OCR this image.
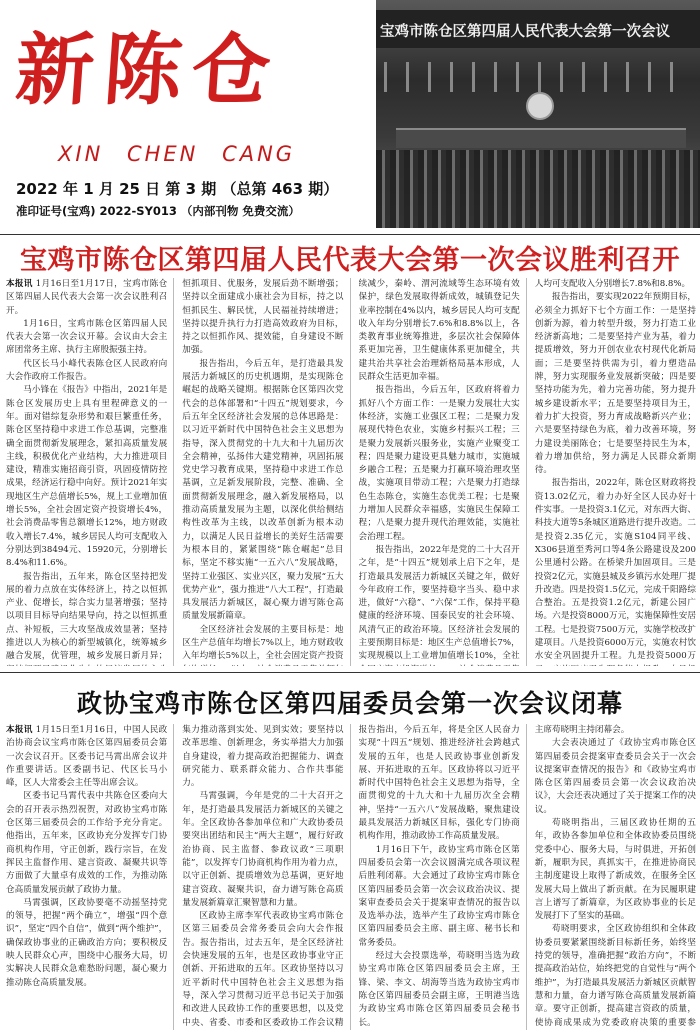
新陈仓
XIN CHEN CANG
2022 年 1 月 25 日 第 3 期 （总第 463 期）
准印证号(宝鸡) 2022-SY013 （内部刊物 免费交流）
宝鸡市陈仓区第四届人民代表大会第一次会议
宝鸡市陈仓区第四届人民代表大会第一次会议胜利召开

本报讯 1月16日至1月17日，宝鸡市陈仓区第四届人民代表大会第一次会议胜利召开。

1月16日，宝鸡市陈仓区第四届人民代表大会第一次会议开幕。会议由大会主席团常务主席、执行主席殷振强主持。

代区长马小峰代表陈仓区人民政府向大会作政府工作报告。

马小锋在《报告》中指出，2021年是陈仓区发展历史上具有里程碑意义的一年。面对错综复杂形势和艰巨繁重任务，陈仓区坚持稳中求进工作总基调，完整准确全面贯彻新发展理念，紧扣高质量发展主线，积极优化产业结构，大力推进项目建设，精准实施招商引资，巩固疫情防控成果，经济运行稳中向好。预计2021年实现地区生产总值增长5%，规上工业增加值增长5%，全社会固定资产投资增长4%，社会消费品零售总额增长12%，地方财政收入增长7.4%，城乡居民人均可支配收入分别达到38494元、15920元，分别增长8.4%和11.6%。

报告指出，五年来，陈仓区坚持把发展的着力点放在实体经济上，持之以恒抓产业、促增长，综合实力显著增强；坚持以项目目标导向结果导向，持之以恒抓重点、补短板，三大攻坚战成效显著；坚持推进以人为核心的新型城镇化，统筹城乡融合发展，优管理，城乡发展日新月异；

恒抓项目、优服务，发展后劲不断增强；坚持以全面建成小康社会为目标，持之以恒抓民生、解民忧，人民福祉持续增进；坚持以提升执行力打造高效政府为目标，持之以恒抓作风、提效能，自身建设不断加强。

报告指出，今后五年，是打造最具发展活力新城区的历史机遇期，是实现陈仓崛起的战略关键期。根据陈仓区第四次党代会的总体部署和“十四五”规划要求，今后五年全区经济社会发展的总体思路是：以习近平新时代中国特色社会主义思想为指导，深入贯彻党的十九大和十九届历次全会精神，弘扬伟大建党精神，巩固拓展党史学习教育成果，坚持稳中求进工作总基调，立足新发展阶段，完整、准确、全面贯彻新发展理念，融入新发展格局，以推动高质量发展为主题，以深化供给侧结构性改革为主线，以改革创新为根本动力，以满足人民日益增长的美好生活需要为根本目的，紧紧围绕“陈仓崛起”总目标，坚定不移实施“一五六八”发展战略，坚持工业强区、实业兴区，聚力发展“五大优势产业”，强力推进“八大工程”，打造最具发展活力新城区，凝心聚力谱写陈仓高质量发展新篇章。

全区经济社会发展的主要目标是：地区生产总值年均增长7%以上，地方财政收入年均增长5%以上，全社会固定资产投资

续减少，秦岭、渭河流域等生态环境有效保护，绿色发展取得新成效，城镇登记失业率控制在4%以内，城乡居民人均可支配收入年均分别增长7.6%和8.8%以上，各类教育事业统筹推进，多层次社会保障体系更加完善，卫生健康体系更加健全，共建共治共享社会治理新格局基本形成，人民群众生活更加幸福。

报告指出，今后五年，区政府将着力抓好八个方面工作：一是聚力发展壮大实体经济，实施工业强区工程；二是聚力发展现代特色农业，实施乡村振兴工程；三是聚力发展新兴服务业，实施产业聚变工程；四是聚力建设更具魅力城市，实施城乡融合工程；五是聚力打赢环境治理攻坚战，实施项目带动工程；六是聚力打造绿色生态陈仓，实施生态优美工程；七是聚力增加人民群众幸福感，实施民生保障工程；八是聚力提升现代治理效能，实施社会治理工程。

报告指出，2022年是党的二十大召开之年，是“十四五”规划承上启下之年，是打造最具发展活力新城区关键之年，做好今年政府工作，要坚持稳字当头、稳中求进，做好“六稳”、“六保”工作，保持平稳健康的经济环境、国泰民安的社会环境、风清气正的政治环境。区经济社会发展的主要预期目标是：地区生产总值增长7%，实现规模以上工业增加值增长10%，全社

人均可支配收入分别增长7.8%和8.8%。

报告指出，要实现2022年预期目标，必须全力抓好下七个方面工作：一是坚持创新为源，着力转型升级，努力打造工业经济新高地；二是要坚持产业为基，着力提质增效，努力开创农业农村现代化新局面；三是要坚持供需为引，着力塑造品牌，努力实现服务业发展新突破；四是要坚持功能为先，着力完善功能，努力提升城乡建设新水平；五是要坚持项目为王，着力扩大投资，努力育成战略新兴产业；六是要坚持绿色为底，着力改善环境，努力建设美丽陈仓；七是要坚持民生为本，着力增加供给，努力满足人民群众新期待。

报告指出，2022年，陈仓区财政将投资13.02亿元，着力办好全区人民办好十件实事。一是投资3.1亿元，对东西大街、科技大道等5条城区道路进行提升改造。二是投资2.35亿元，实施S104同平线、X306县道至秀河口等4条公路建设及200公里通村公路。在桥梁升加固项目。三是投资2亿元，实施县城及乡镇污水处理厂提升改造。四是投资1.5亿元，完成千阳路综合整治。五是投资1.2亿元，新建公园广场。六是投资8000万元，实施保障性安居工程。七是投资7500万元，实施学校改扩建项目。八是投资6000万元，实施农村饮水安全巩固提升工程。九是投资5000万

政协宝鸡市陈仓区第四届委员会第一次会议闭幕

本报讯 1月15日至1月16日，中国人民政治协商会议宝鸡市陈仓区第四届委员会第一次会议召开。区委书记马霄出席会议并作重要讲话。区委副书记、代区长马小峰，区人大常委会主任等出席会议。

区委书记马霄代表中共陈仓区委向大会的召开表示热烈祝贺，对政协宝鸡市陈仓区第三届委员会的工作给予充分肯定。他指出，五年来，区政协充分发挥专门协商机构作用，守正创新，践行宗旨，在发挥民主监督作用、建言资政、凝聚共识等方面做了大量卓有成效的工作，为推动陈仓高质量发展贡献了政协力量。

马霄强调，区政协要毫不动摇坚持党的领导，把握“两个确立”，增强“四个意识”，坚定“四个自信”，做到“两个维护”，确保政协事业的正确政治方向；要积极反映人民群众心声，围绕中心服务大局，切实解决人民群众急难愁盼问题，凝心聚力推动陈仓高质量发展。

集力推动落到实处、见到实效；要坚持以改革思维、创新理念，务实举措大力加强自身建设，着力提高政治把握能力、调查研究能力、联系群众能力、合作共事能力。

马霄强调，今年是党的二十大召开之年，是打造最具发展活力新城区的关键之年。全区政协各参加单位和广大政协委员要突出团结和民主“两大主题”，履行好政治协商、民主监督、参政议政“三项职能”，以发挥专门协商机构作用为着力点，以守正创新、提质增效为总基调，更好地建言资政、凝聚共识，奋力谱写陈仓高质量发展新篇章汇聚智慧和力量。

区政协主席李军代表政协宝鸡市陈仓区第三届委员会常务委员会向大会作报告。报告指出，过去五年，是全区经济社会快速发展的五年，也是区政协事业守正创新、开拓进取的五年。区政协坚持以习近平新时代中国特色社会主义思想为指导，深入学习贯彻习近平总书记关于加强和改进人民政协工作的重要思想，以及党中央、省委、市委和区委政协工作会议精

报告指出，今后五年，将是全区人民奋力实现“十四五”规划、推进经济社会跨越式发展的五年，也是人民政协事业创新发展、开拓进取的五年。区政协将以习近平新时代中国特色社会主义思想为指导，全面贯彻党的十九大和十九届历次全会精神，坚持“一五六八”发展战略，聚焦建设最具发展活力新城区目标，强化专门协商机构作用，推动政协工作高质量发展。

1月16日下午，政协宝鸡市陈仓区第四届委员会第一次会议圆满完成各项议程后胜利闭幕。大会通过了政协宝鸡市陈仓区第四届委员会第一次会议政治决议、提案审查委员会关于提案审查情况的报告以及选举办法，选举产生了政协宝鸡市陈仓区第四届委员会主席、副主席、秘书长和常务委员。

经过大会投票选举，苟晓明当选为政协宝鸡市陈仓区第四届委员会主席，王锋、梁、李文、胡海等当选为政协宝鸡市陈仓区第四届委员会副主席，王明港当选为政协宝鸡市陈仓区第四届委员会秘书长。

主席苟晓明主持闭幕会。

大会表决通过了《政协宝鸡市陈仓区第四届委员会提案审查委员会关于一次会议提案审查情况的报告》和《政协宝鸡市陈仓区第四届委员会第一次会议政治决议》，大会还表决通过了关于提案工作的决议。

苟晓明指出，三届区政协任期的五年，政协各参加单位和全体政协委员围绕党委中心、服务大局，与时俱进，开拓创新，履职为民，真抓实干，在推进协商民主制度建设上取得了新成效，在服务全区发展大局上做出了新贡献。在为民履职建言上谱写了新篇章，为区政协事业的长足发展打下了坚实的基础。

苟晓明要求，全区政协组织和全体政协委员要紧紧围绕新目标新任务，始终坚持党的领导，准确把握“政治方向”，不断提高政治站位，始终把党的自觉性与“两个维护”，为打造最具发展活力新城区贡献智慧和力量，奋力谱写陈仓高质量发展新篇章。要守正创新，提高建言资政的质量，使协商成果成为党委政府决策的重要参
